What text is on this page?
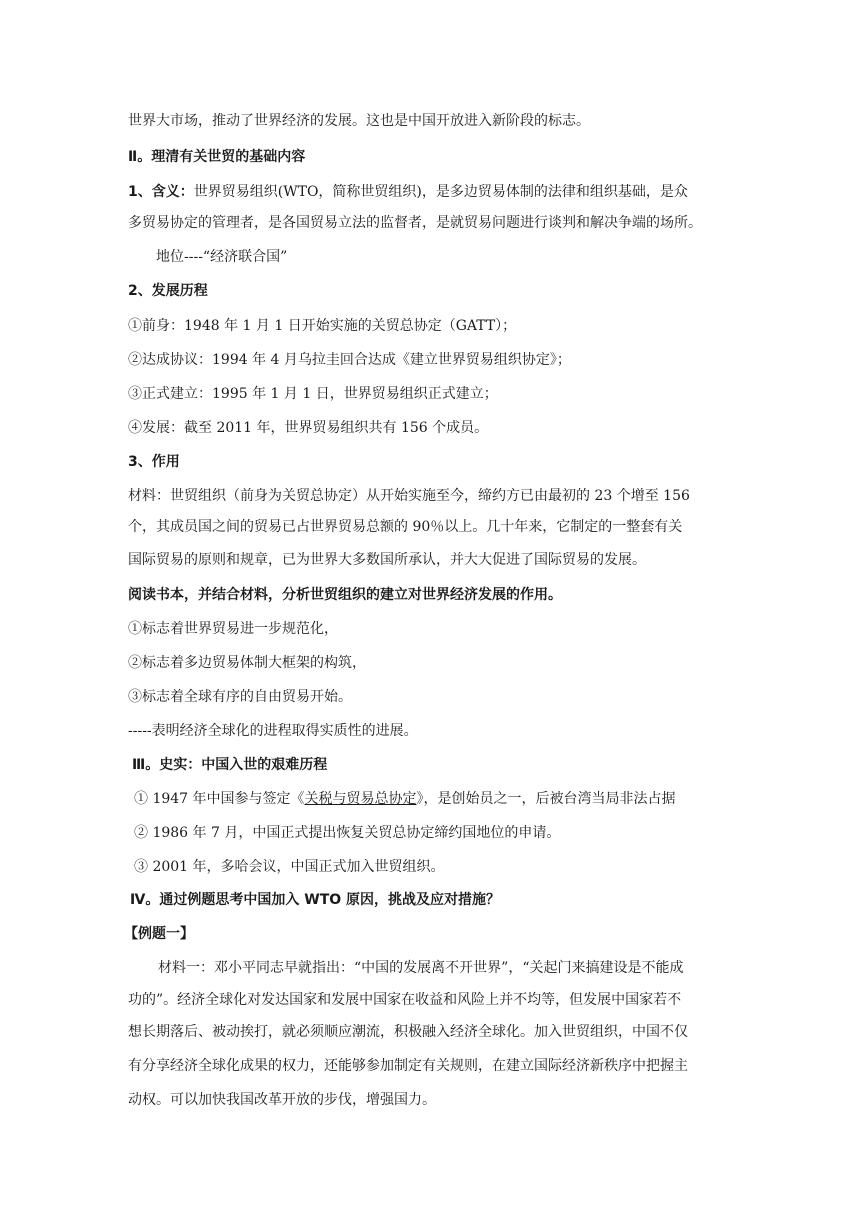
世界大市场，推动了世界经济的发展。这也是中国开放进入新阶段的标志。
Ⅱ。理清有关世贸的基础内容
1、含义：世界贸易组织(WTO，简称世贸组织)，是多边贸易体制的法律和组织基础，是众
多贸易协定的管理者，是各国贸易立法的监督者，是就贸易问题进行谈判和解决争端的场所。
地位----“经济联合国”
2、发展历程
①前身：1948 年 1 月 1 日开始实施的关贸总协定（GATT）；
②达成协议：1994 年 4 月乌拉圭回合达成《建立世界贸易组织协定》；
③正式建立：1995 年 1 月 1 日，世界贸易组织正式建立；
④发展：截至 2011 年，世界贸易组织共有 156 个成员。
3、作用
材料：世贸组织（前身为关贸总协定）从开始实施至今，缔约方已由最初的 23 个增至 156
个，其成员国之间的贸易已占世界贸易总额的 90％以上。几十年来，它制定的一整套有关
国际贸易的原则和规章，已为世界大多数国所承认，并大大促进了国际贸易的发展。
阅读书本，并结合材料，分析世贸组织的建立对世界经济发展的作用。
①标志着世界贸易进一步规范化，
②标志着多边贸易体制大框架的构筑，
③标志着全球有序的自由贸易开始。
-----表明经济全球化的进程取得实质性的进展。
Ⅲ。史实：中国入世的艰难历程
① 1947 年中国参与签定《关税与贸易总协定》，是创始员之一，后被台湾当局非法占据
② 1986 年 7 月，中国正式提出恢复关贸总协定缔约国地位的申请。
③ 2001 年，多哈会议，中国正式加入世贸组织。
Ⅳ。通过例题思考中国加入 WTO 原因，挑战及应对措施？
【例题一】
材料一：邓小平同志早就指出：“中国的发展离不开世界”，“关起门来搞建设是不能成
功的”。经济全球化对发达国家和发展中国家在收益和风险上并不均等，但发展中国家若不
想长期落后、被动挨打，就必须顺应潮流，积极融入经济全球化。加入世贸组织，中国不仅
有分享经济全球化成果的权力，还能够参加制定有关规则，在建立国际经济新秩序中把握主
动权。可以加快我国改革开放的步伐，增强国力。
